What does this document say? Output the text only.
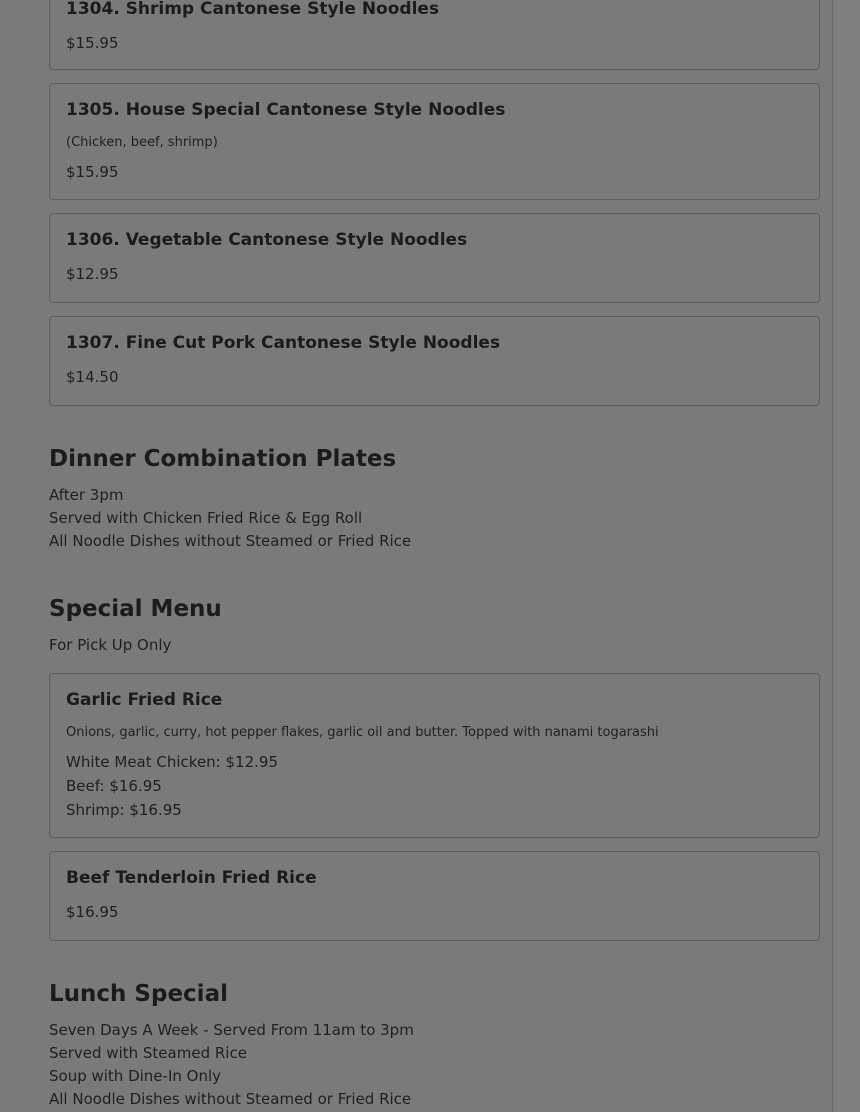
1304. Shrimp Cantonese Style Noodles
$15.95
1305. House Special Cantonese Style Noodles
(Chicken, beef, shrimp)
$15.95
1306. Vegetable Cantonese Style Noodles
$12.95
1307. Fine Cut Pork Cantonese Style Noodles
$14.50
Dinner Combination Plates
After 3pm
Served with Chicken Fried Rice & Egg Roll
All Noodle Dishes without Steamed or Fried Rice
Special Menu
For Pick Up Only
Garlic Fried Rice
Onions, garlic, curry, hot pepper flakes, garlic oil and butter. Topped with nanami togarashi
White Meat Chicken: $12.95
Beef: $16.95
Shrimp: $16.95
Beef Tenderloin Fried Rice
$16.95
Lunch Special
Seven Days A Week - Served From 11am to 3pm
Served with Steamed Rice
Soup with Dine-In Only
All Noodle Dishes without Steamed or Fried Rice
